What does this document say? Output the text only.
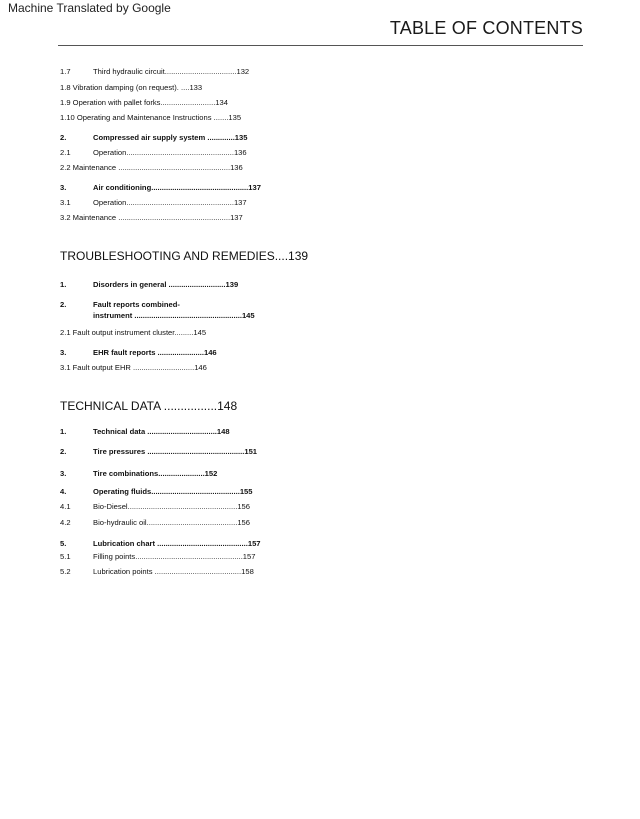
Machine Translated by Google
TABLE OF CONTENTS
1.7	Third hydraulic circuit..................................132
1.8 Vibration damping (on request). ....133
1.9 Operation with pallet forks..........................134
1.10 Operating and Maintenance Instructions .......135
2.	Compressed air supply system .............135
2.1	Operation...................................................136
2.2 Maintenance .....................................................136
3.	Air conditioning..............................................137
3.1	Operation...................................................137
3.2 Maintenance .....................................................137
TROUBLESHOOTING AND REMEDIES....139
1.	Disorders in general ...........................139
2.	Fault reports combined-
instrument ...................................................145
2.1 Fault output instrument cluster.........145
3.	EHR fault reports ......................146
3.1 Fault output EHR .............................146
TECHNICAL DATA ................148
1.	Technical data .................................148
2.	Tire pressures ..............................................151
3.	Tire combinations......................152
4.	Operating fluids..........................................155
4.1	Bio-Diesel....................................................156
4.2	Bio-hydraulic oil...........................................156
5.	Lubrication chart ...........................................157
5.1	Filling points...................................................157
5.2	Lubrication points .........................................158
